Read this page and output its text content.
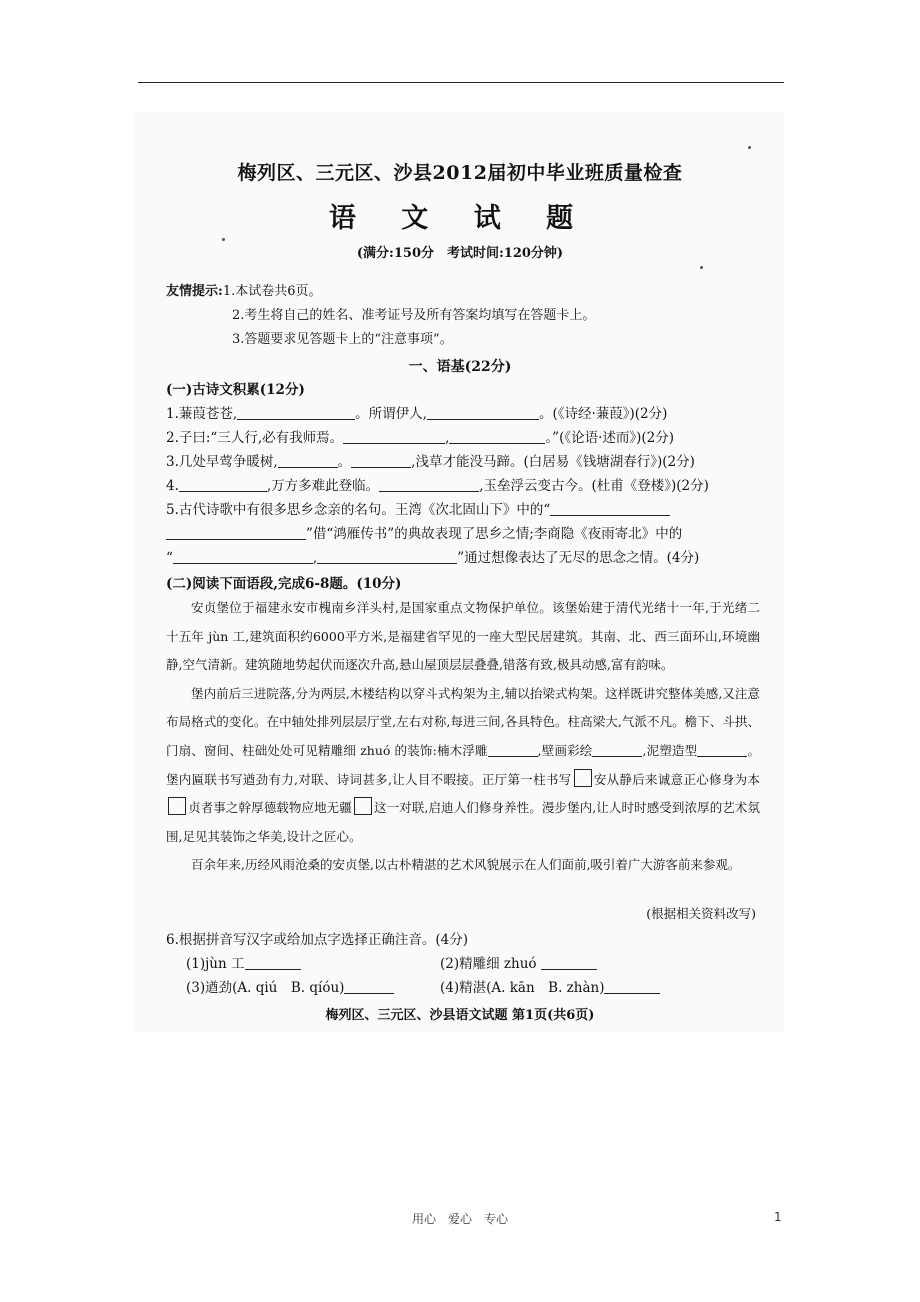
梅列区、三元区、沙县2012届初中毕业班质量检查
语 文 试 题
(满分:150分　考试时间:120分钟)
友情提示:1.本试卷共6页。
2.考生将自己的姓名、准考证号及所有答案均填写在答题卡上。
3.答题要求见答题卡上的“注意事项”。
一、语基(22分)
(一)古诗文积累(12分)
1.蒹葭苍苍,	。所谓伊人,	。(《诗经·蒹葭》)(2分)
2.子曰:“三人行,必有我师焉。	,	。”(《论语·述而》)(2分)
3.几处早莺争暖树,	。	,浅草才能没马蹄。(白居易《钱塘湖春行》)(2分)
4.	,万方多难此登临。	,玉垒浮云变古今。(杜甫《登楼》)(2分)
5.古代诗歌中有很多思乡念亲的名句。王湾《次北固山下》中的“
”借“鸿雁传书”的典故表现了思乡之情;李商隐《夜雨寄北》中的
“	,	”通过想像表达了无尽的思念之情。(4分)
(二)阅读下面语段,完成6-8题。(10分)

安贞堡位于福建永安市槐南乡洋头村,是国家重点文物保护单位。该堡始建于清代光绪十一年,于光绪二十五年 jùn 工,建筑面积约6000平方米,是福建省罕见的一座大型民居建筑。其南、北、西三面环山,环境幽静,空气清新。建筑随地势起伏而逐次升高,悬山屋顶层层叠叠,错落有致,极具动感,富有韵味。

堡内前后三进院落,分为两层,木楼结构以穿斗式构架为主,辅以抬梁式构架。这样既讲究整体美感,又注意布局格式的变化。在中轴处排列层层厅堂,左右对称,每进三间,各具特色。柱高梁大,气派不凡。檐下、斗拱、门扇、窗间、柱础处处可见精雕细 zhuó 的装饰:楠木浮雕	,壁画彩绘	,泥塑造型	。堡内匾联书写遒劲有力,对联、诗词甚多,让人目不暇接。正厅第一柱书写 安从静后来诚意正心修身为本贞者事之幹厚德载物应地无疆 这一对联,启迪人们修身养性。漫步堡内,让人时时感受到浓厚的艺术氛围,足见其装饰之华美,设计之匠心。

百余年来,历经风雨沧桑的安贞堡,以古朴精湛的艺术风貌展示在人们面前,吸引着广大游客前来参观。

(根据相关资料改写)
6.根据拼音写汉字或给加点字选择正确注音。(4分)
(1)jùn 工	(2)精雕细 zhuó
(3)遒劲(A. qiú　B. qíóu)	(4)精湛(A. kān　B. zhàn)
梅列区、三元区、沙县语文试题 第1页(共6页)
用心　爱心　专心	1
